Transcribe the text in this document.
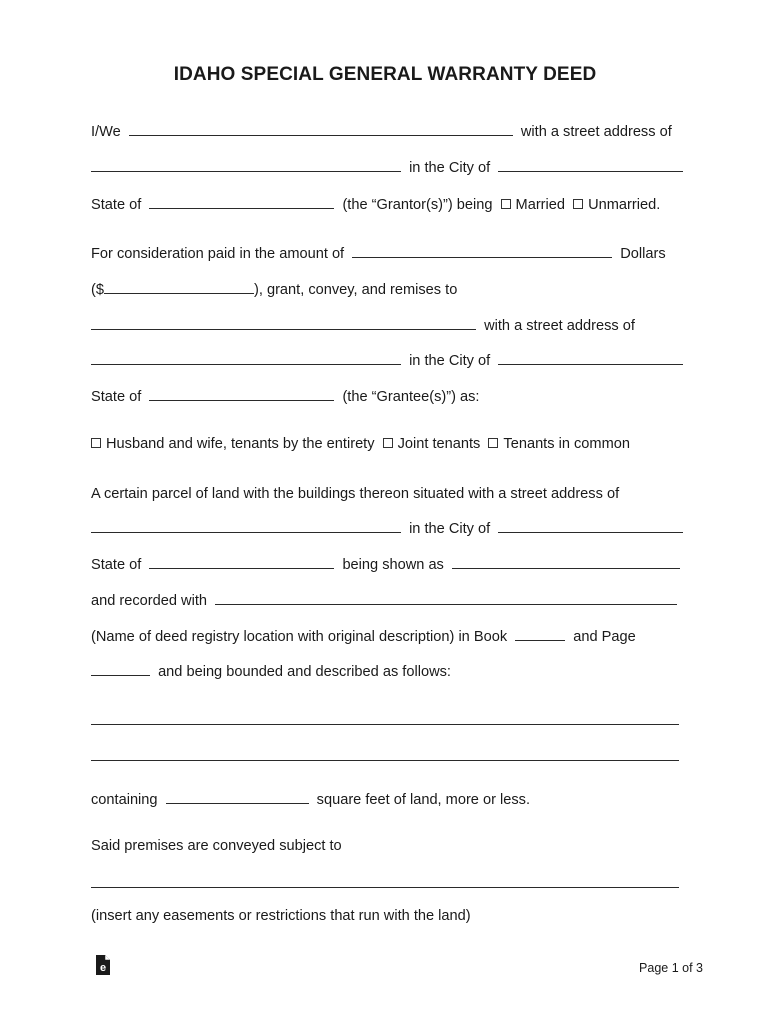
IDAHO SPECIAL GENERAL WARRANTY DEED
I/We	with a street address of
in the City of
State of	(the “Grantor(s)”) being Married Unmarried.
For consideration paid in the amount of	Dollars
($	), grant, convey, and remises to
with a street address of
in the City of
State of	(the “Grantee(s)”) as:
Husband and wife, tenants by the entirety Joint tenants Tenants in common
A certain parcel of land with the buildings thereon situated with a street address of
in the City of
State of	being shown as
and recorded with
(Name of deed registry location with original description) in Book	and Page
and being bounded and described as follows:
containing	square feet of land, more or less.
Said premises are conveyed subject to
(insert any easements or restrictions that run with the land)
e	Page 1 of 3
